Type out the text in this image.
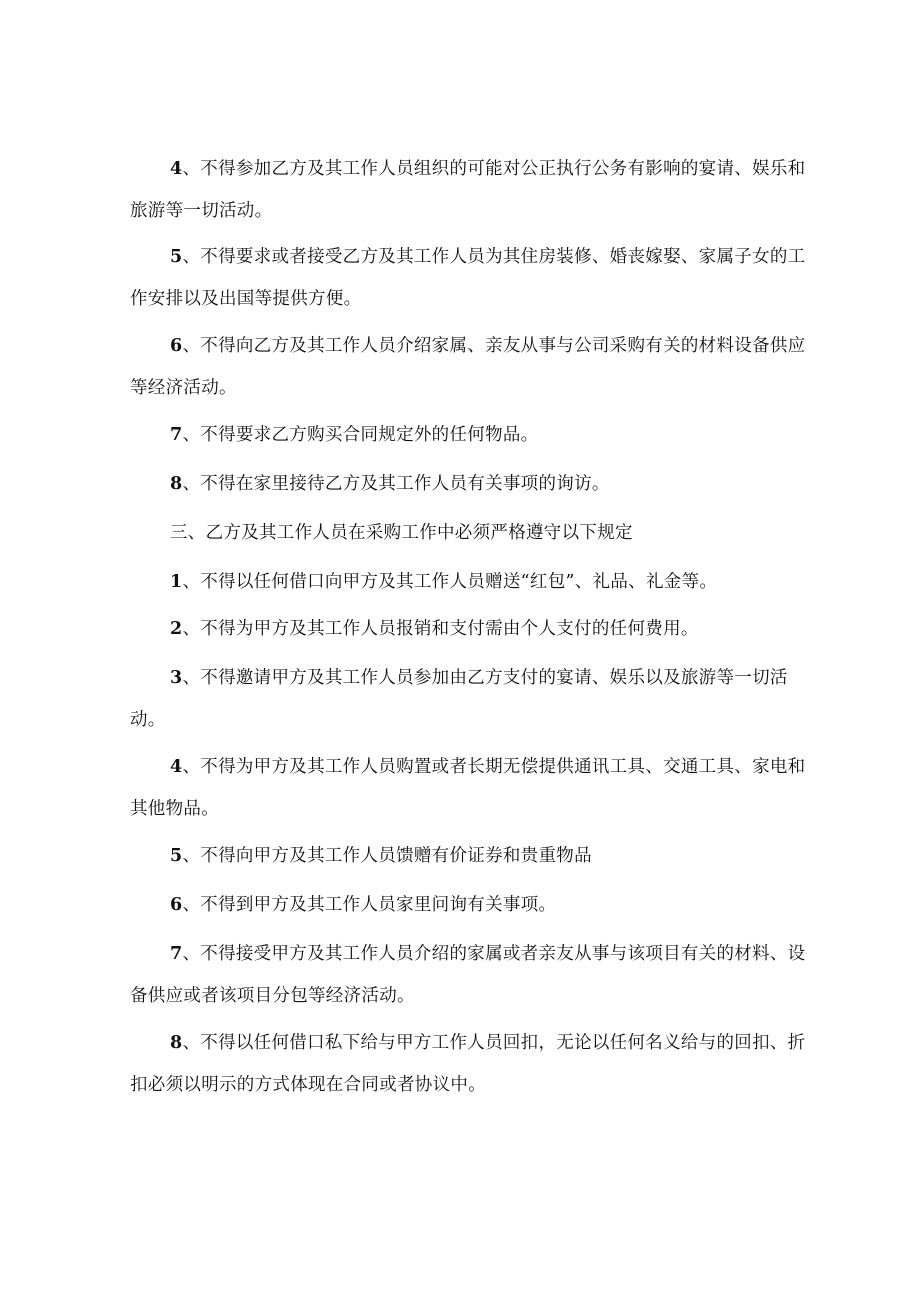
4、不得参加乙方及其工作人员组织的可能对公正执行公务有影响的宴请、娱乐和旅游等一切活动。

5、不得要求或者接受乙方及其工作人员为其住房装修、婚丧嫁娶、家属子女的工作安排以及出国等提供方便。

6、不得向乙方及其工作人员介绍家属、亲友从事与公司采购有关的材料设备供应等经济活动。

7、不得要求乙方购买合同规定外的任何物品。

8、不得在家里接待乙方及其工作人员有关事项的询访。

三、乙方及其工作人员在采购工作中必须严格遵守以下规定

1、不得以任何借口向甲方及其工作人员赠送“红包”、礼品、礼金等。

2、不得为甲方及其工作人员报销和支付需由个人支付的任何费用。

3、不得邀请甲方及其工作人员参加由乙方支付的宴请、娱乐以及旅游等一切活动。

4、不得为甲方及其工作人员购置或者长期无偿提供通讯工具、交通工具、家电和其他物品。

5、不得向甲方及其工作人员馈赠有价证券和贵重物品

6、不得到甲方及其工作人员家里问询有关事项。

7、不得接受甲方及其工作人员介绍的家属或者亲友从事与该项目有关的材料、设备供应或者该项目分包等经济活动。

8、不得以任何借口私下给与甲方工作人员回扣，无论以任何名义给与的回扣、折扣必须以明示的方式体现在合同或者协议中。
